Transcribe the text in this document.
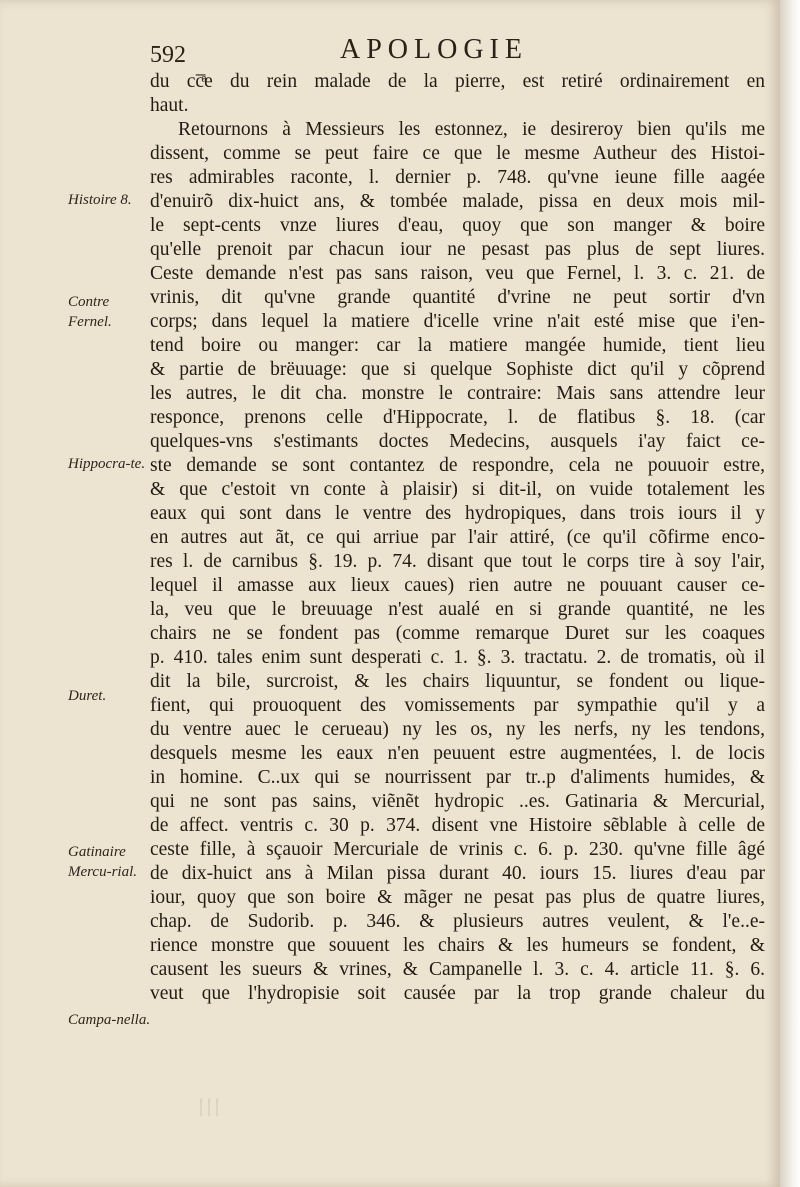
592	APOLOGIE
du cc̅ͣe du rein malade de la pierre, est retiré ordinairement en
haut.
Retournons à Messieurs les estonnez, ie desireroy bien qu'ils me
dissent, comme se peut faire ce que le mesme Autheur des Histoi-
res admirables raconte, l. dernier p. 748. qu'vne ieune fille aagée
d'enuirõ dix-huict ans, & tombée malade, pissa en deux mois mil-
le sept-cents vnze liures d'eau, quoy que son manger & boire
qu'elle prenoit par chacun iour ne pesast pas plus de sept liures.
Ceste demande n'est pas sans raison, veu que Fernel, l. 3. c. 21. de
vrinis, dit qu'vne grande quantité d'vrine ne peut sortir d'vn
corps; dans lequel la matiere d'icelle vrine n'ait esté mise que i'en-
tend boire ou manger: car la matiere mangée humide, tient lieu
& partie de brëuuage: que si quelque Sophiste dict qu'il y cõprend
les autres, le dit cha. monstre le contraire: Mais sans attendre leur
responce, prenons celle d'Hippocrate, l. de flatibus §. 18. (car
quelques-vns s'estimants doctes Medecins, ausquels i'ay faict ce-
ste demande se sont contantez de respondre, cela ne pouuoir estre,
& que c'estoit vn conte à plaisir) si dit-il, on vuide totalement les
eaux qui sont dans le ventre des hydropiques, dans trois iours il y
en autres aut ãt, ce qui arriue par l'air attiré, (ce qu'il cõfirme enco-
res l. de carnibus §. 19. p. 74. disant que tout le corps tire à soy l'air,
lequel il amasse aux lieux caues) rien autre ne pouuant causer ce-
la, veu que le breuuage n'est aualé en si grande quantité, ne les
chairs ne se fondent pas (comme remarque Duret sur les coaques
p. 410. tales enim sunt desperati c. 1. §. 3. tractatu. 2. de tromatis, où il
dit la bile, surcroist, & les chairs liquuntur, se fondent ou lique-
fient, qui prouoquent des vomissements par sympathie qu'il y a
du ventre auec le cerueau) ny les os, ny les nerfs, ny les tendons,
desquels mesme les eaux n'en peuuent estre augmentées, l. de locis
in homine. C..ux qui se nourrissent par tr..p d'aliments humides, &
qui ne sont pas sains, viẽnẽt hydropic ..es. Gatinaria & Mercurial,
de affect. ventris c. 30 p. 374. disent vne Histoire sẽblable à celle de
ceste fille, à sçauoir Mercuriale de vrinis c. 6. p. 230. qu'vne fille âgé
de dix-huict ans à Milan pissa durant 40. iours 15. liures d'eau par
iour, quoy que son boire & mãger ne pesat pas plus de quatre liures,
chap. de Sudorib. p. 346. & plusieurs autres veulent, & l'e..e-
rience monstre que souuent les chairs & les humeurs se fondent, &
causent les sueurs & vrines, & Campanelle l. 3. c. 4. article 11. §. 6.
veut que l'hydropisie soit causée par la trop grande chaleur du
Histoire 8.
Contre Fernel.
Hippocra-te.
Duret.
Gatinaire Mercu-rial.
Campa-nella.
|||
